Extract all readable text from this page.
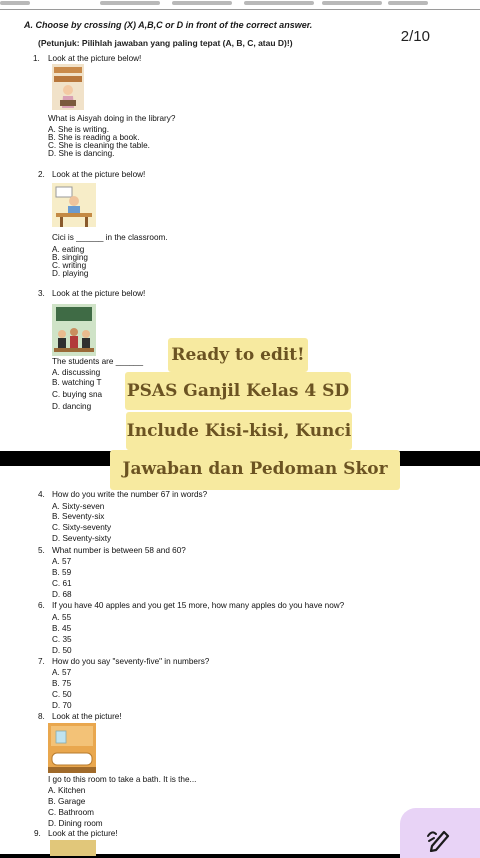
A. Choose by crossing (X) A,B,C or D in front of the correct answer.
(Petunjuk: Pilihlah jawaban yang paling tepat (A, B, C, atau D)!)	2/10
1. Look at the picture below!
What is Aisyah doing in the library?
A. She is writing.
B. She is reading a book.
C. She is cleaning the table.
D. She is dancing.
2. Look at the picture below!
Cici is ______ in the classroom.
A. eating
B. singing
C. writing
D. playing
3. Look at the picture below!
The students are ______
A. discussing
B. watching T
C. buying sna
D. dancing
4. How do you write the number 67 in words?
A. Sixty-seven
B. Seventy-six
C. Sixty-seventy
D. Seventy-sixty
5. What number is between 58 and 60?
A. 57
B. 59
C. 61
D. 68
6. If you have 40 apples and you get 15 more, how many apples do you have now?
A. 55
B. 45
C. 35
D. 50
7. How do you say "seventy-five" in numbers?
A. 57
B. 75
C. 50
D. 70
8. Look at the picture!
I go to this room to take a bath. It is the...
A. Kitchen
B. Garage
C. Bathroom
D. Dining room
9. Look at the picture!
Ready to edit!
PSAS Ganjil Kelas 4 SD
Include Kisi-kisi, Kunci
Jawaban dan Pedoman Skor
